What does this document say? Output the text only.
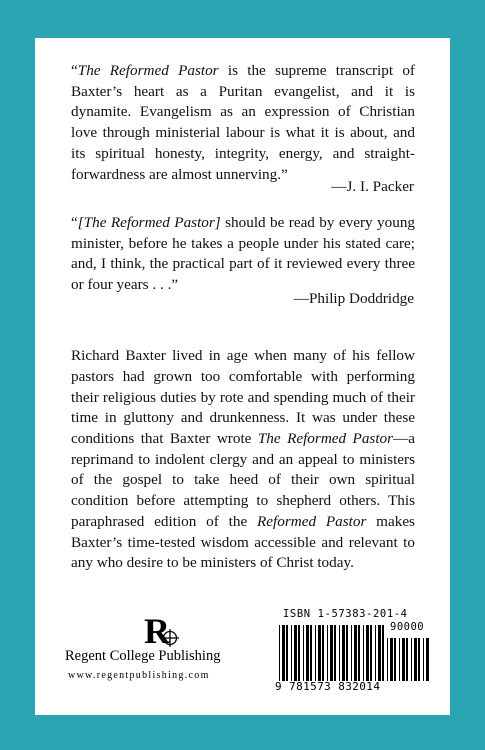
“The Reformed Pastor is the supreme transcript of Baxter’s heart as a Puritan evangelist, and it is dynamite. Evangelism as an expression of Christian love through ministerial labour is what it is about, and its spiritual honesty, integrity, energy, and straight-forwardness are almost unnerving.”

—J. I. Packer

“[The Reformed Pastor] should be read by every young minister, before he takes a people under his stated care; and, I think, the practical part of it reviewed every three or four years . . .”

—Philip Doddridge

Richard Baxter lived in age when many of his fellow pastors had grown too comfortable with performing their religious duties by rote and spending much of their time in gluttony and drunkenness. It was under these conditions that Baxter wrote The Reformed Pastor—a reprimand to indolent clergy and an appeal to ministers of the gospel to take heed of their own spiritual condition before attempting to shepherd others. This paraphrased edition of the Reformed Pastor makes Baxter’s time-tested wisdom accessible and relevant to any who desire to be ministers of Christ today.

R
Regent College Publishing
www.regentpublishing.com
ISBN 1-57383-201-4
90000
9 781573 832014
